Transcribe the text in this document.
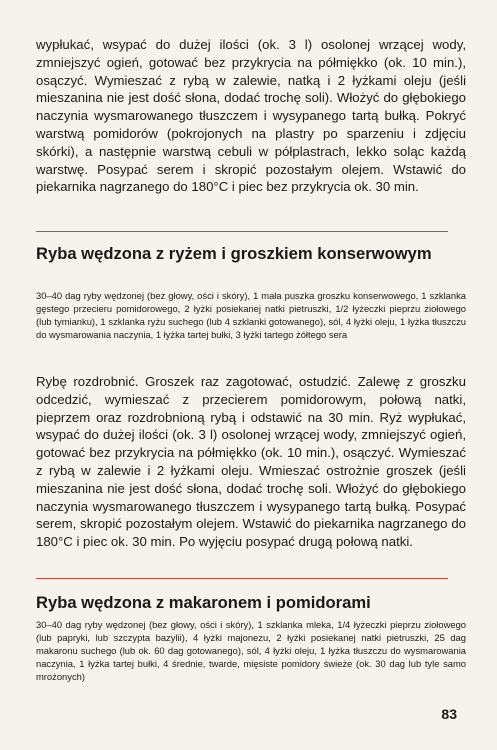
wypłukać, wsypać do dużej ilości (ok. 3 l) osolonej wrzącej wody, zmniejszyć ogień, gotować bez przykrycia na półmiękko (ok. 10 min.), osączyć. Wymieszać z rybą w zalewie, natką i 2 łyżkami oleju (jeśli mieszanina nie jest dość słona, dodać trochę soli). Włożyć do głębokiego naczynia wysmarowanego tłuszczem i wysypanego tartą bułką. Pokryć warstwą pomidorów (pokrojonych na plastry po sparzeniu i zdjęciu skórki), a następnie warstwą cebuli w półplastrach, lekko soląc każdą warstwę. Posypać serem i skropić pozostałym olejem. Wstawić do piekarnika nagrzanego do 180°C i piec bez przykrycia ok. 30 min.

Ryba wędzona z ryżem i groszkiem konserwowym

30–40 dag ryby wędzonej (bez głowy, ości i skóry), 1 mała puszka groszku konserwowego, 1 szklanka gęstego przecieru pomidorowego, 2 łyżki posiekanej natki pietruszki, 1/2 łyżeczki pieprzu ziołowego (lub tymianku), 1 szklanka ryżu suchego (lub 4 szklanki gotowanego), sól, 4 łyżki oleju, 1 łyżka tłuszczu do wysmarowania naczynia, 1 łyżka tartej bułki, 3 łyżki tartego żółtego sera

Rybę rozdrobnić. Groszek raz zagotować, ostudzić. Zalewę z groszku odcedzić, wymieszać z przecierem pomidorowym, połową natki, pieprzem oraz rozdrobnioną rybą i odstawić na 30 min. Ryż wypłukać, wsypać do dużej ilości (ok. 3 l) osolonej wrzącej wody, zmniejszyć ogień, gotować bez przykrycia na półmiękko (ok. 10 min.), osączyć. Wymieszać z rybą w zalewie i 2 łyżkami oleju. Wmieszać ostrożnie groszek (jeśli mieszanina nie jest dość słona, dodać trochę soli. Włożyć do głębokiego naczynia wysmarowanego tłuszczem i wysypanego tartą bułką. Posypać serem, skropić pozostałym olejem. Wstawić do piekarnika nagrzanego do 180°C i piec ok. 30 min. Po wyjęciu posypać drugą połową natki.

Ryba wędzona z makaronem i pomidorami

30–40 dag ryby wędzonej (bez głowy, ości i skóry), 1 szklanka mleka, 1/4 łyżeczki pieprzu ziołowego (lub papryki, lub szczypta bazylii), 4 łyżki majonezu, 2 łyżki posiekanej natki pietruszki, 25 dag makaronu suchego (lub ok. 60 dag gotowanego), sól, 4 łyżki oleju, 1 łyżka tłuszczu do wysmarowania naczynia, 1 łyżka tartej bułki, 4 średnie, twarde, mięsiste pomidory świeże (ok. 30 dag lub tyle samo mrożonych)

83
